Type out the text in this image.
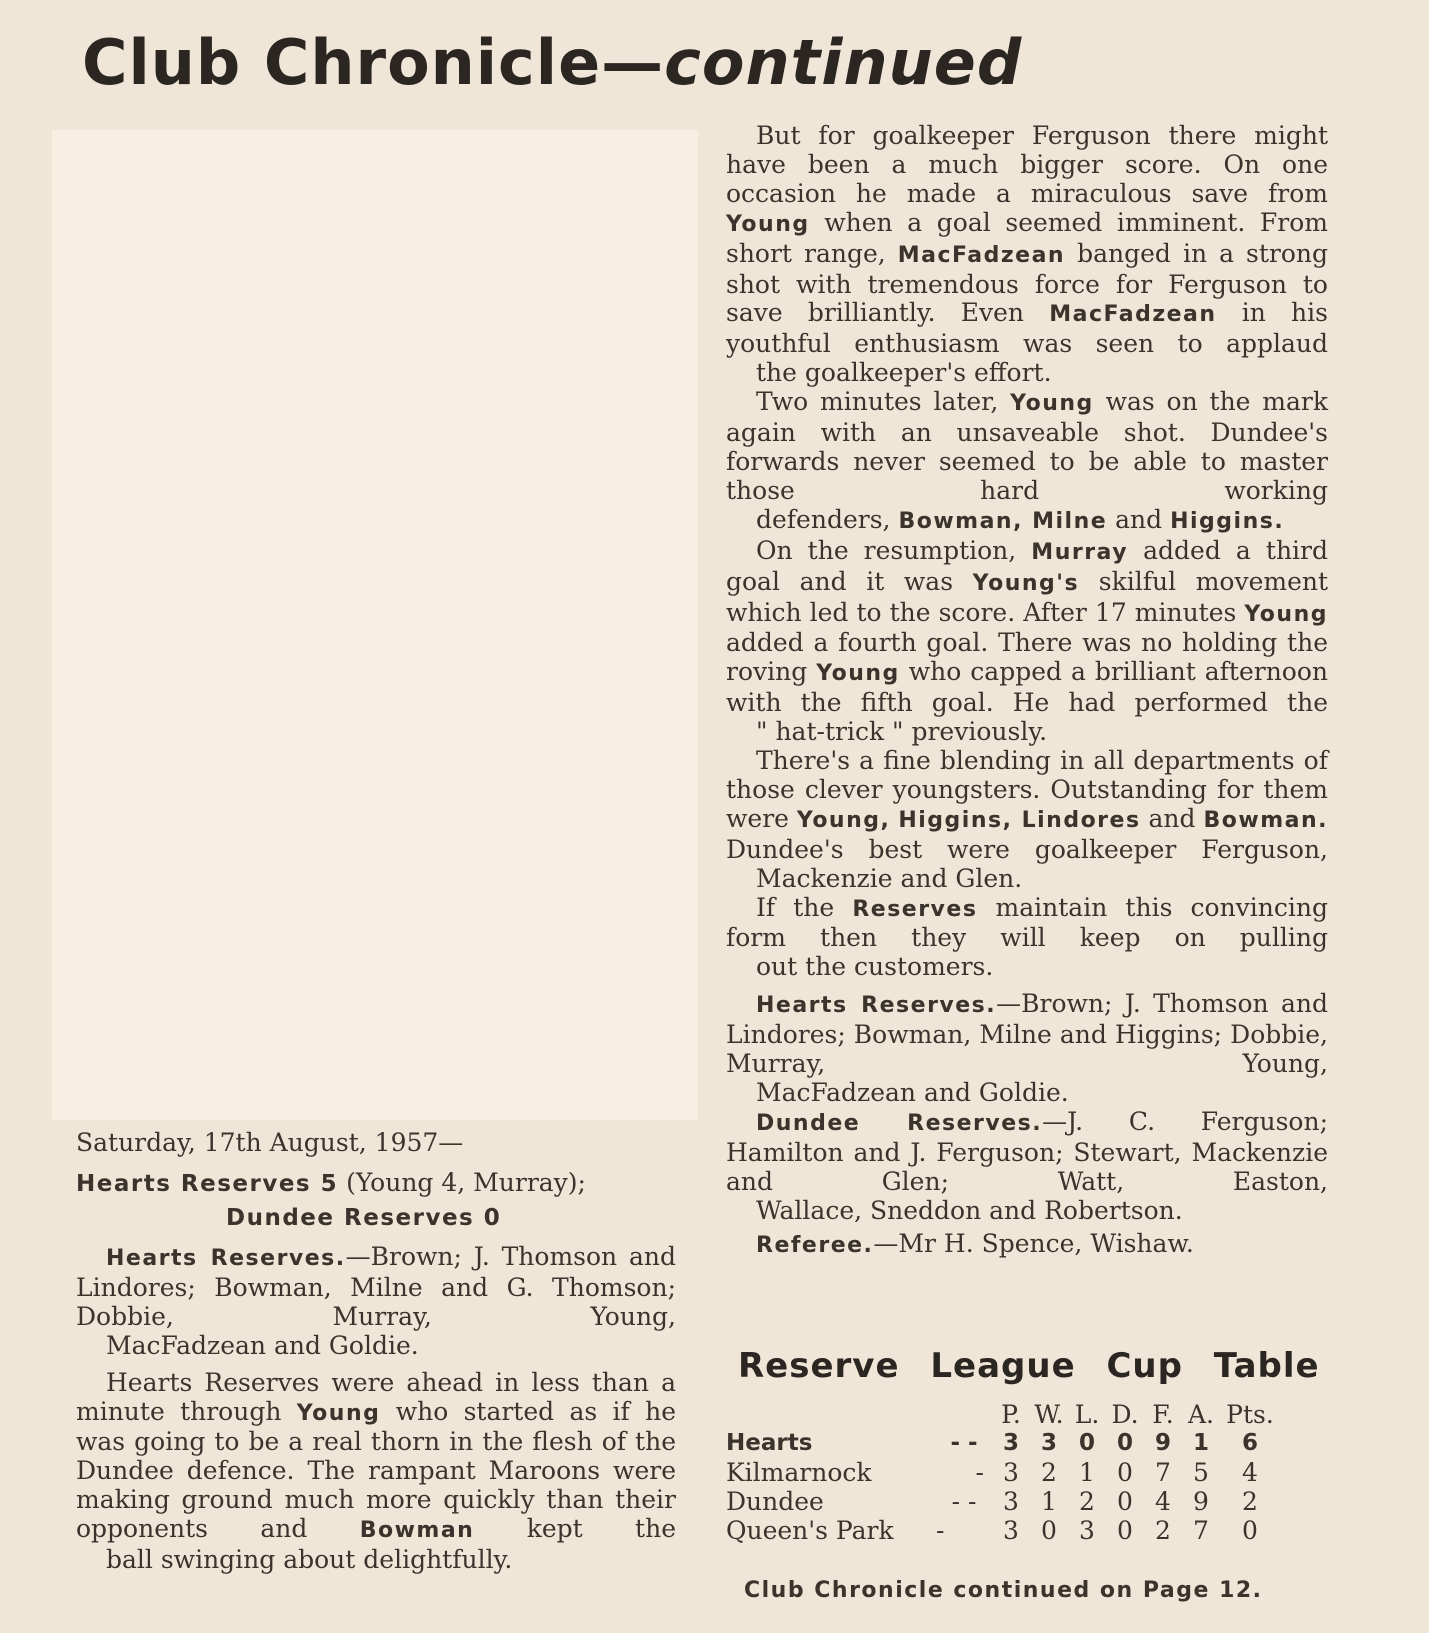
Club Chronicle—continued

Saturday, 17th August, 1957—

Hearts Reserves 5 (Young 4, Murray);
Dundee Reserves 0

Hearts Reserves.—Brown; J. Thomson and Lindores; Bowman, Milne and G. Thomson; Dobbie, Murray, Young,
MacFadzean and Goldie.

Hearts Reserves were ahead in less than a minute through Young who started as if he was going to be a real thorn in the flesh of the Dundee defence. The rampant Maroons were making ground much more quickly than their opponents and Bowman kept the
ball swinging about delightfully.

But for goalkeeper Ferguson there might have been a much bigger score. On one occasion he made a miraculous save from Young when a goal seemed imminent. From short range, MacFadzean banged in a strong shot with tremendous force for Ferguson to save brilliantly. Even MacFadzean in his youthful enthusiasm was seen to applaud
the goalkeeper's effort.

Two minutes later, Young was on the mark again with an unsaveable shot. Dundee's forwards never seemed to be able to master those hard working
defenders, Bowman, Milne and Higgins.

On the resumption, Murray added a third goal and it was Young's skilful movement which led to the score. After 17 minutes Young added a fourth goal. There was no holding the roving Young who capped a brilliant afternoon with the fifth goal. He had performed the
" hat-trick " previously.

There's a fine blending in all departments of those clever youngsters. Outstanding for them were Young, Higgins, Lindores and Bowman. Dundee's best were goalkeeper Ferguson,
Mackenzie and Glen.

If the Reserves maintain this convincing form then they will keep on pulling
out the customers.

Hearts Reserves.—Brown; J. Thomson and Lindores; Bowman, Milne and Higgins; Dobbie, Murray, Young,
MacFadzean and Goldie.

Dundee Reserves.—J. C. Ferguson; Hamilton and J. Ferguson; Stewart, Mackenzie and Glen; Watt, Easton,
Wallace, Sneddon and Robertson.

Referee.—Mr H. Spence, Wishaw.

Reserve League Cup Table
		P.	W.	L.	D.	F.	A.	Pts.
Hearts	- -	3	3	0	0	9	1	6
Kilmarnock	-	3	2	1	0	7	5	4
Dundee	- -	3	1	2	0	4	9	2
Queen's Park	-	3	0	3	0	2	7	0

Club Chronicle continued on Page 12.
